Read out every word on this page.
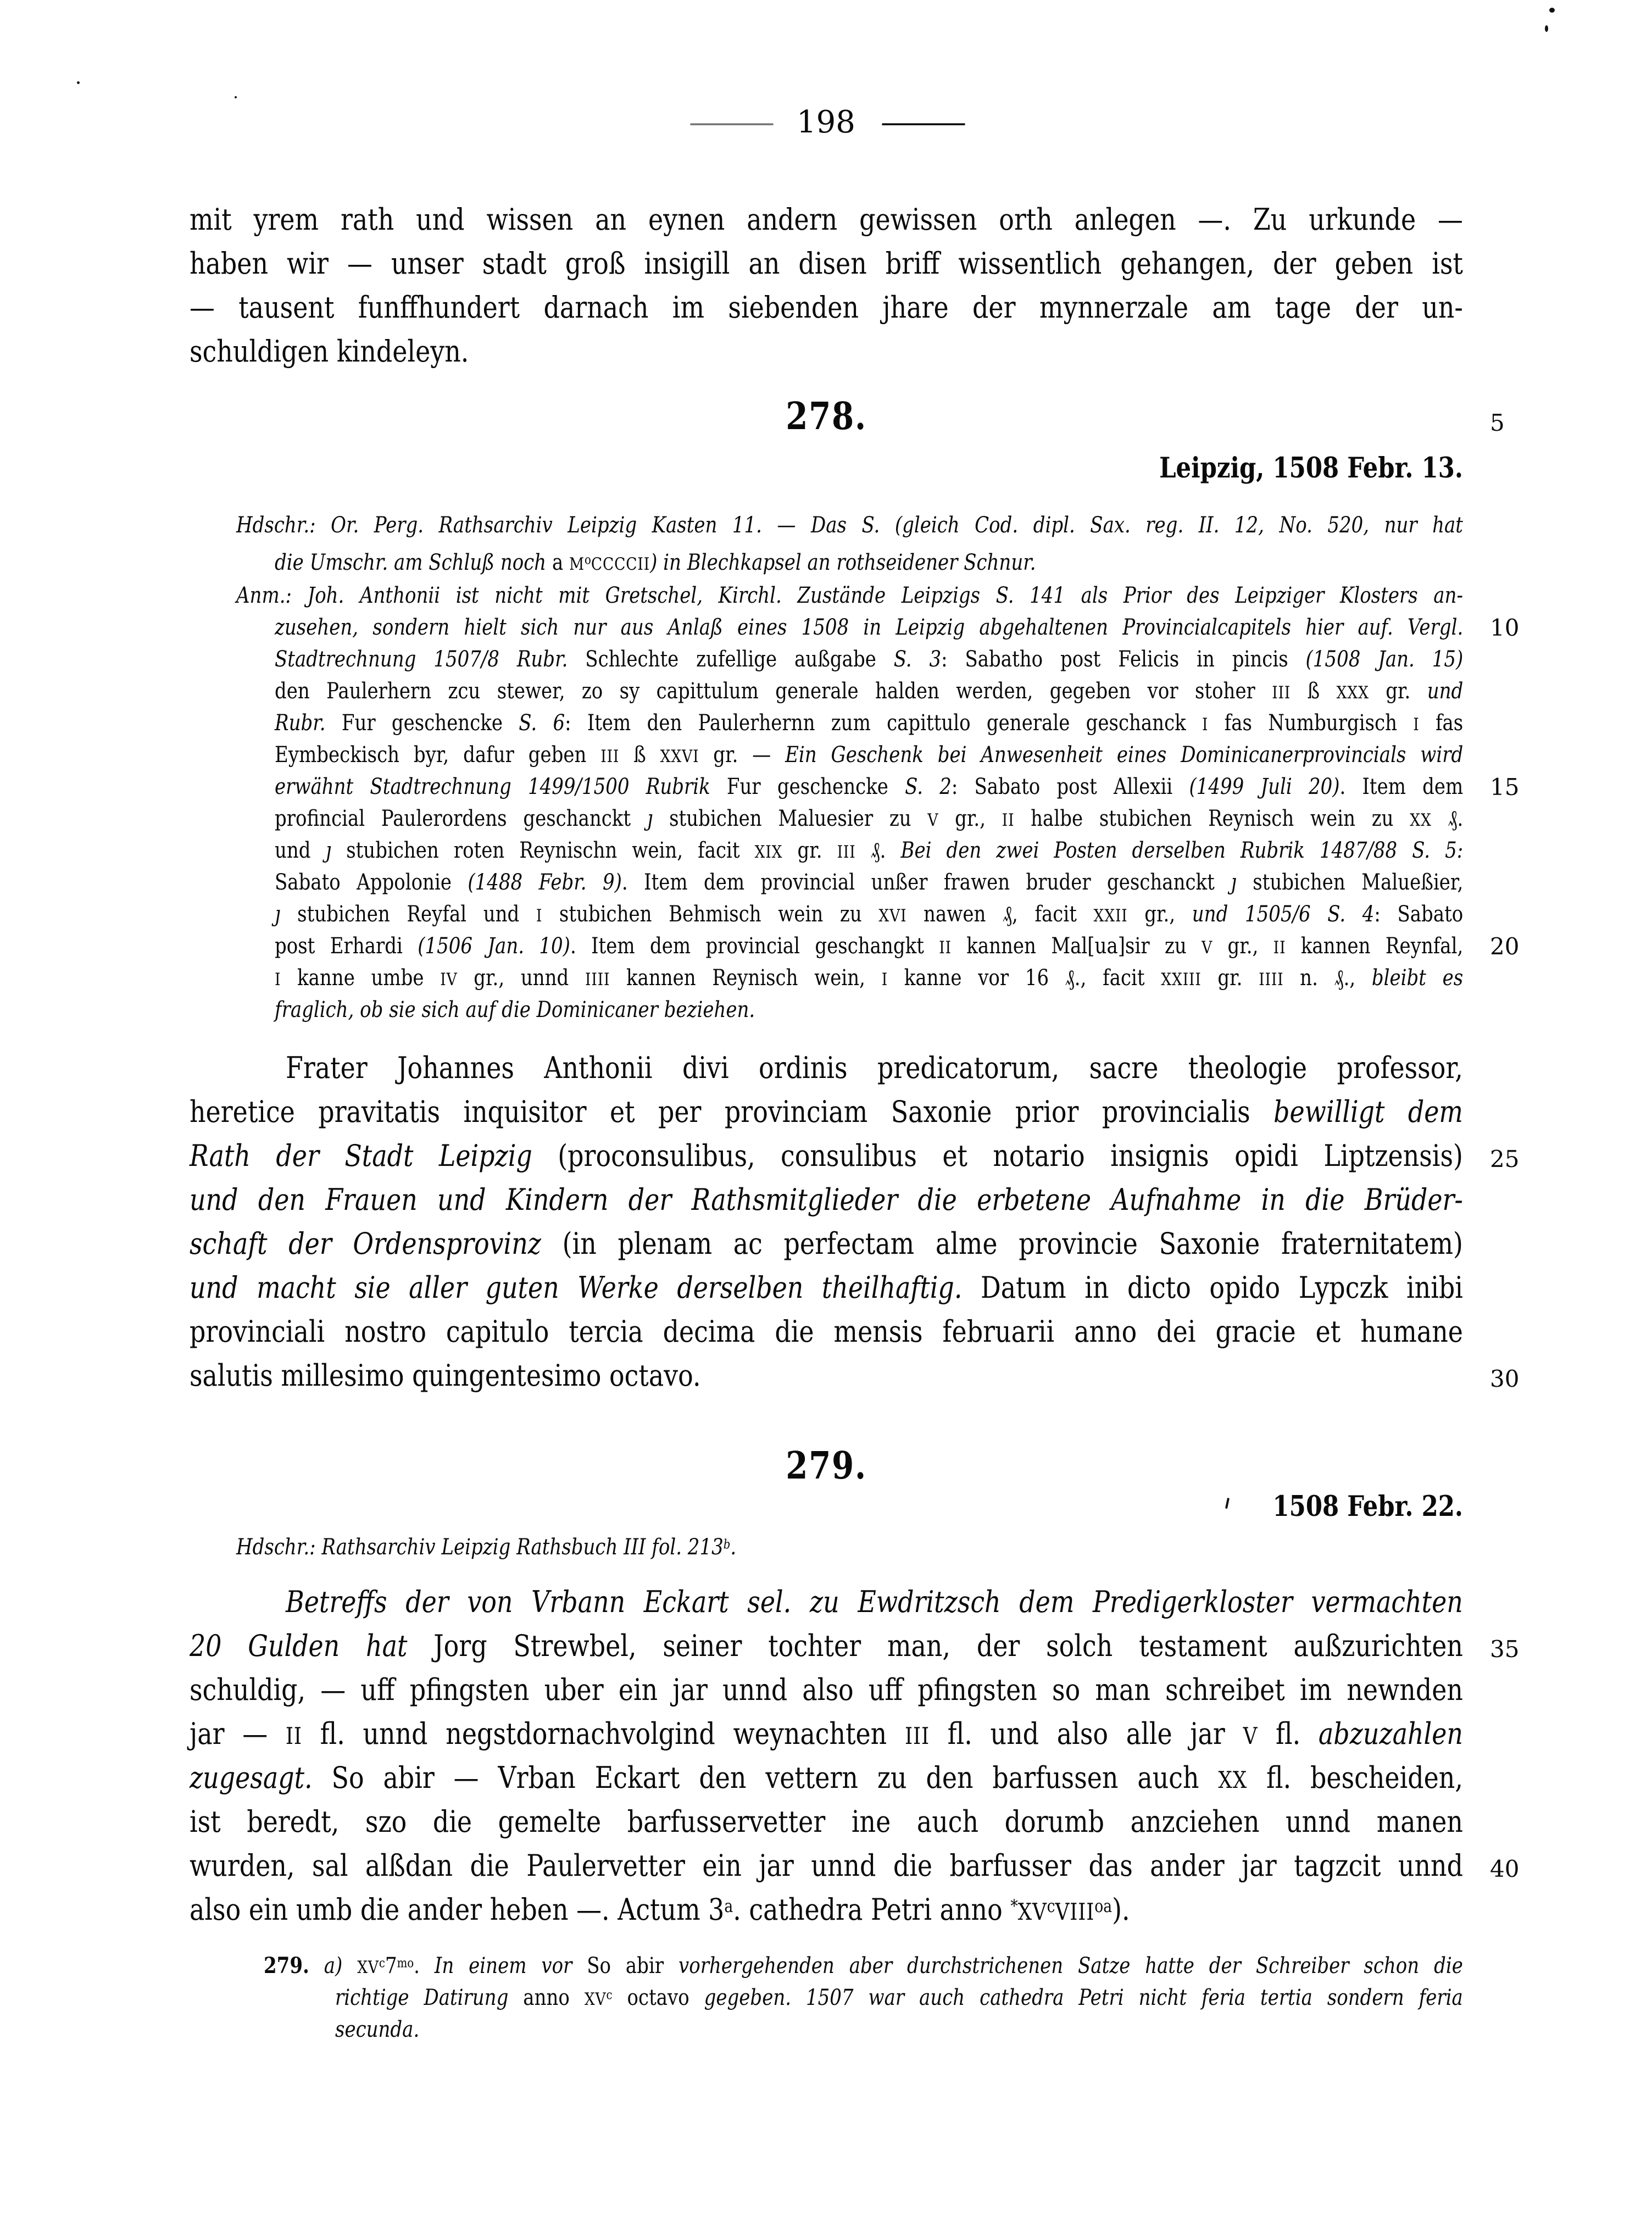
——— 198 ———
mit yrem rath und wissen an eynen andern gewissen orth anlegen —. Zu urkunde —
haben wir — unser stadt groß insigill an disen briff wissentlich gehangen, der geben ist
— tausent funffhundert darnach im siebenden jhare der mynnerzale am tage der un-
schuldigen kindeleyn.
278.
Leipzig, 1508 Febr. 13.
Hdschr.: Or. Perg. Rathsarchiv Leipzig Kasten 11. — Das S. (gleich Cod. dipl. Sax. reg. II. 12, No. 520, nur hat
die Umschr. am Schluß noch a $M^oCCCCII$) in Blechkapsel an rothseidener Schnur.
Anm.: Joh. Anthonii ist nicht mit Gretschel, Kirchl. Zustände Leipzigs S. 141 als Prior des Leipziger Klosters an-
zusehen, sondern hielt sich nur aus Anlaß eines 1508 in Leipzig abgehaltenen Provincialcapitels hier auf. Vergl.
Stadtrechnung 1507/8 Rubr. Schlechte zufellige außgabe S. 3: Sabatho post Felicis in pincis (1508 Jan. 15)
den Paulerhern zcu stewer, zo sy capittulum generale halden werden, gegeben vor stoher III ß XXX gr. und
Rubr. Fur geschencke S. 6: Item den Paulerhernn zum capittulo generale geschanck I fas Numburgisch I fas
Eymbeckisch byr, dafur geben III ß XXVI gr. — Ein Geschenk bei Anwesenheit eines Dominicanerprovincials wird
erwähnt Stadtrechnung 1499/1500 Rubrik Fur geschencke S. 2: Sabato post Allexii (1499 Juli 20). Item dem
profincial Paulerordens geschanckt ȷ stubichen Maluesier zu V gr., II halbe stubichen Reynisch wein zu XX ₰.
und ȷ stubichen roten Reynischn wein, facit XIX gr. III ₰. Bei den zwei Posten derselben Rubrik 1487/88 S. 5:
Sabato Appolonie (1488 Febr. 9). Item dem provincial unßer frawen bruder geschanckt ȷ stubichen Malueßier,
ȷ stubichen Reyfal und I stubichen Behmisch wein zu XVI nawen ₰, facit XXII gr., und 1505/6 S. 4: Sabato
post Erhardi (1506 Jan. 10). Item dem provincial geschangkt II kannen Mal[ua]sir zu V gr., II kannen Reynfal,
I kanne umbe IV gr., unnd IIII kannen Reynisch wein, I kanne vor 16 ₰., facit XXIII gr. IIII n. ₰., bleibt es
fraglich, ob sie sich auf die Dominicaner beziehen.
Frater Johannes Anthonii divi ordinis predicatorum, sacre theologie professor,
heretice pravitatis inquisitor et per provinciam Saxonie prior provincialis bewilligt dem
Rath der Stadt Leipzig (proconsulibus, consulibus et notario insignis opidi Liptzensis)
und den Frauen und Kindern der Rathsmitglieder die erbetene Aufnahme in die Brüder-
schaft der Ordensprovinz (in plenam ac perfectam alme provincie Saxonie fraternitatem)
und macht sie aller guten Werke derselben theilhaftig. Datum in dicto opido Lypczk inibi
provinciali nostro capitulo tercia decima die mensis februarii anno dei gracie et humane
salutis millesimo quingentesimo octavo.
279.
1508 Febr. 22.
Hdschr.: Rathsarchiv Leipzig Rathsbuch III fol. 213$^b$.
Betreffs der von Vrbann Eckart sel. zu Ewdritzsch dem Predigerkloster vermachten
20 Gulden hat Jorg Strewbel, seiner tochter man, der solch testament außzurichten
schuldig, — uff pfingsten uber ein jar unnd also uff pfingsten so man schreibet im newnden
jar — II fl. unnd negstdornachvolgind weynachten III fl. und also alle jar V fl. abzuzahlen
zugesagt. So abir — Vrban Eckart den vettern zu den barfussen auch XX fl. bescheiden,
ist beredt, szo die gemelte barfusservetter ine auch dorumb anzciehen unnd manen
wurden, sal alßdan die Paulervetter ein jar unnd die barfusser das ander jar tagzcit unnd
also ein umb die ander heben —. Actum 3$^a$. cathedra Petri anno $^*XV^cVIII^{oa}$).
279. a) $XV^c7^{mo}$. In einem vor So abir vorhergehenden aber durchstrichenen Satze hatte der Schreiber schon die
richtige Datirung anno $XV^c$ octavo gegeben. 1507 war auch cathedra Petri nicht feria tertia sondern feria
secunda.
5
10
15
20
25
30
35
40
